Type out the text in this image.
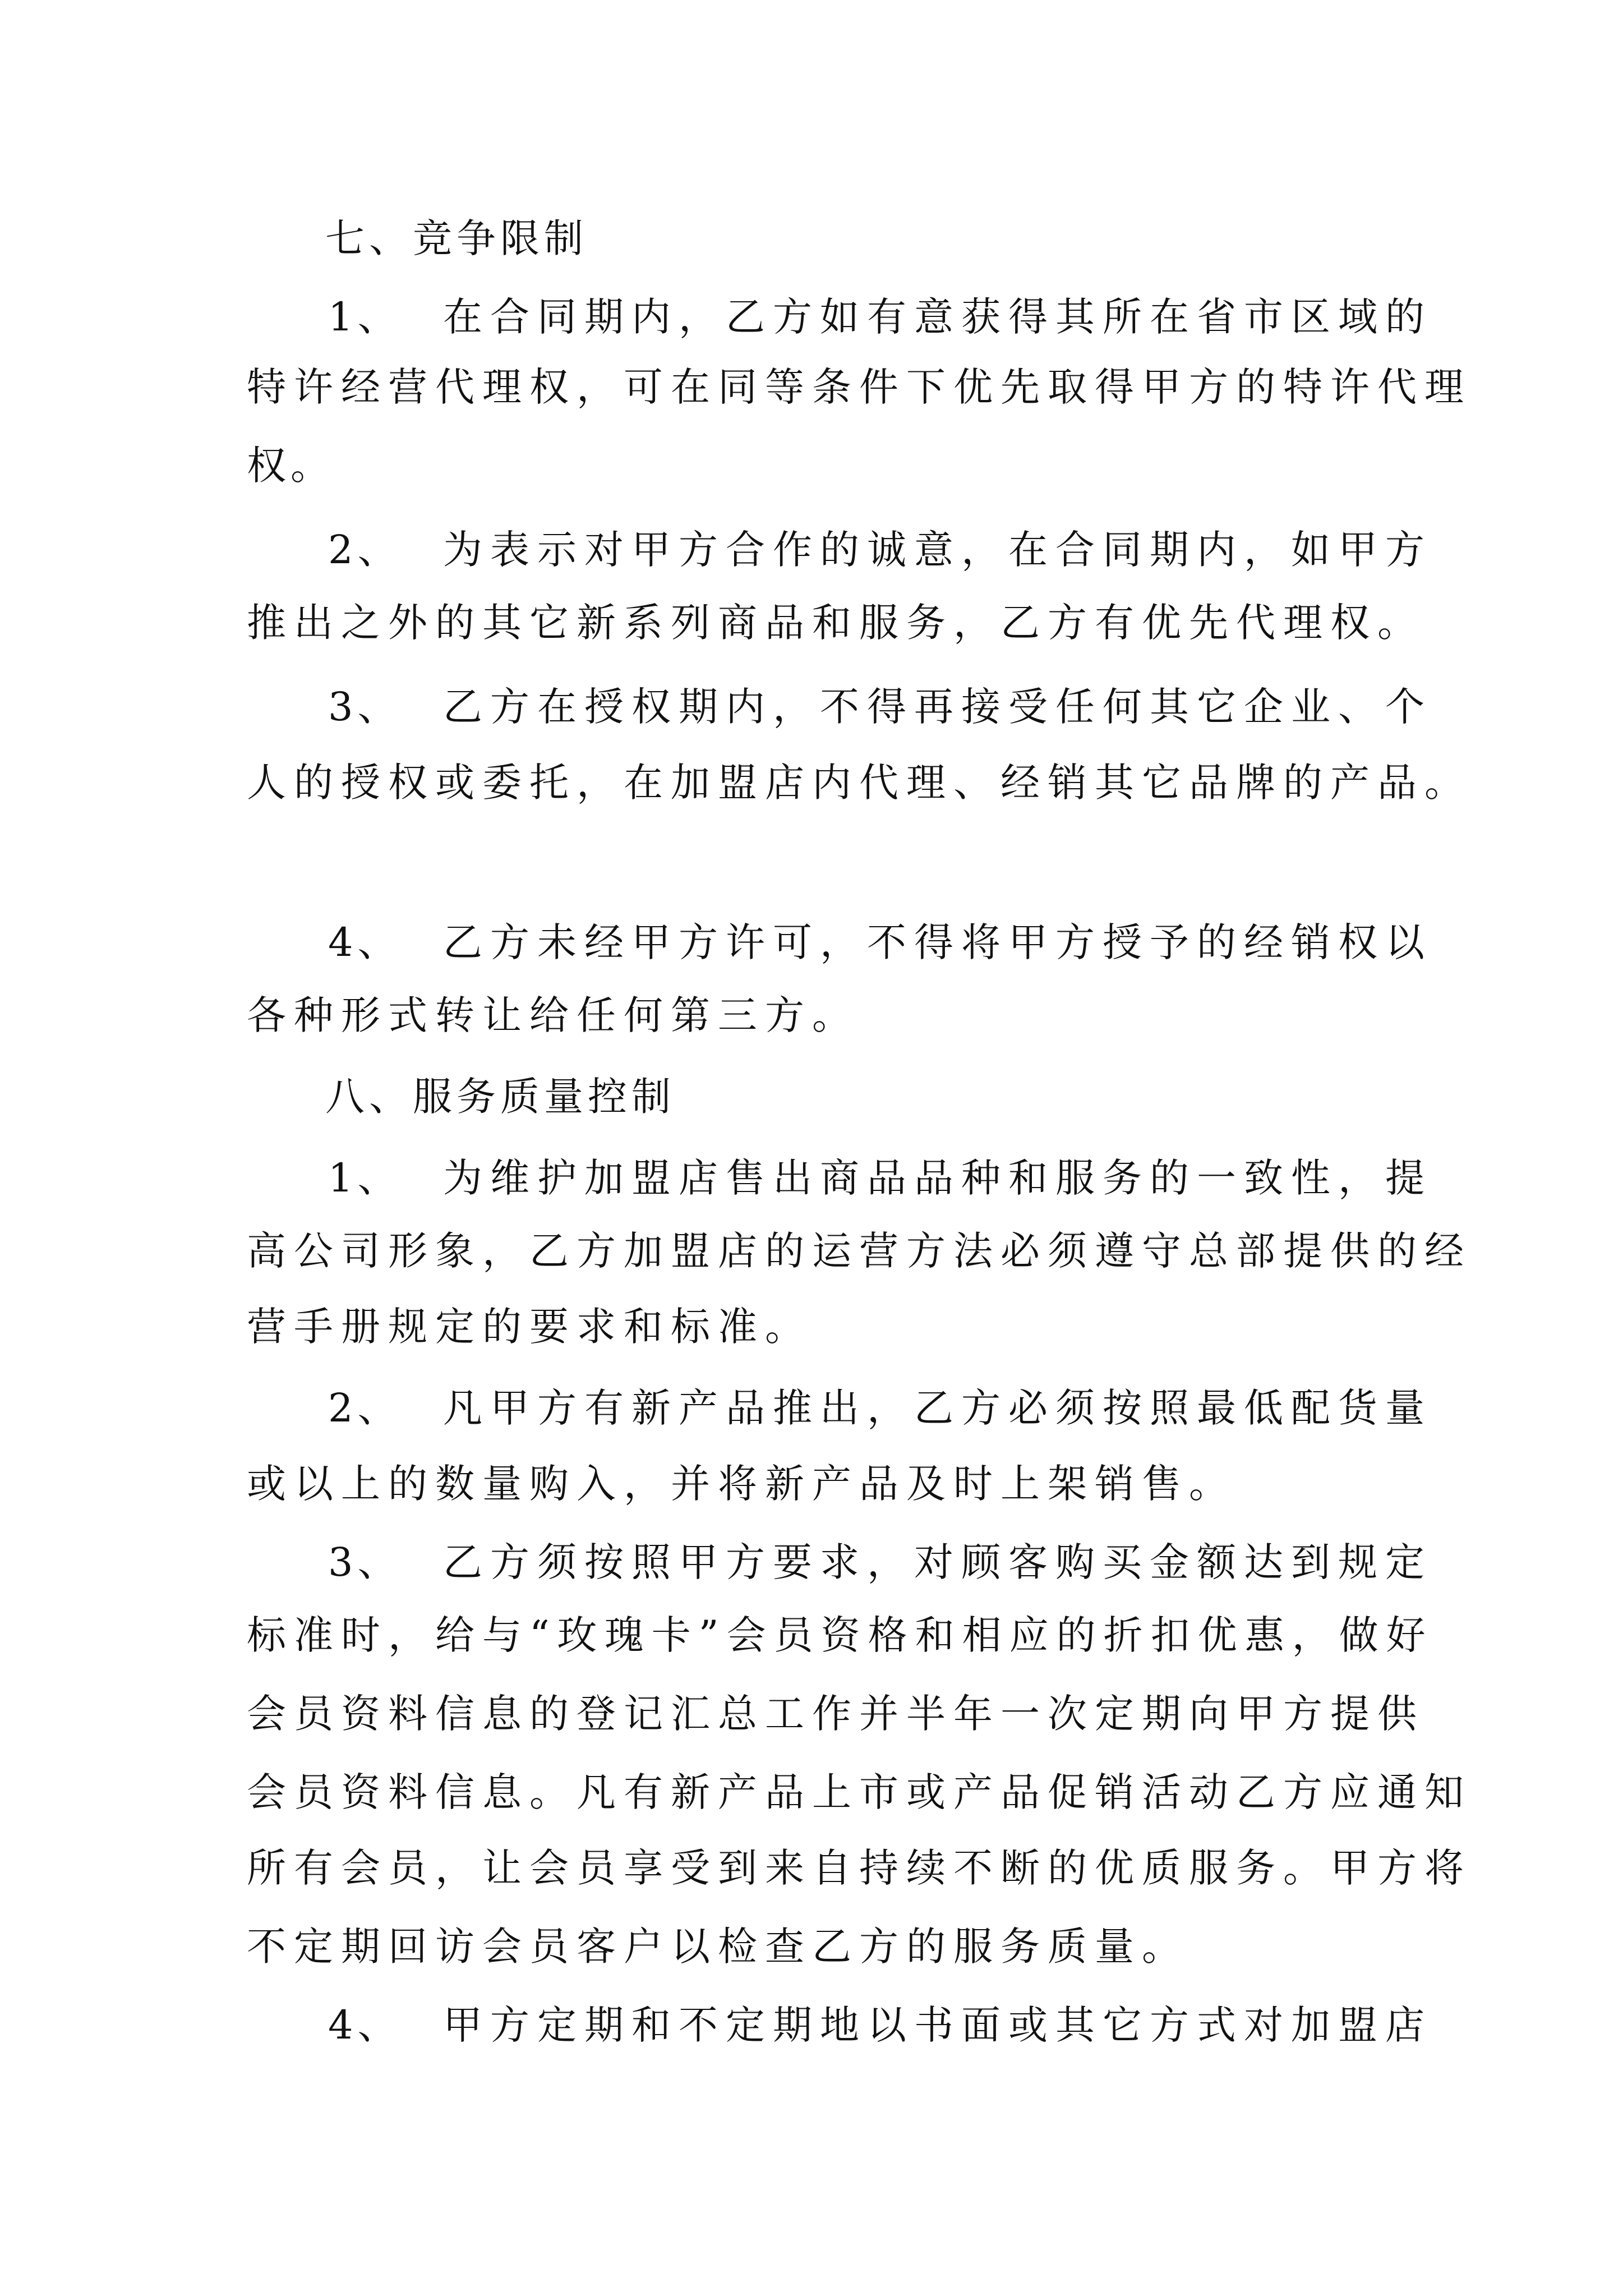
七、竞争限制

1、 在合同期内，乙方如有意获得其所在省市区域的

特许经营代理权，可在同等条件下优先取得甲方的特许代理

权。

2、 为表示对甲方合作的诚意，在合同期内，如甲方

推出之外的其它新系列商品和服务，乙方有优先代理权。

3、 乙方在授权期内，不得再接受任何其它企业、个

人的授权或委托，在加盟店内代理、经销其它品牌的产品。

4、 乙方未经甲方许可，不得将甲方授予的经销权以

各种形式转让给任何第三方。

八、服务质量控制

1、 为维护加盟店售出商品品种和服务的一致性，提

高公司形象，乙方加盟店的运营方法必须遵守总部提供的经

营手册规定的要求和标准。

2、 凡甲方有新产品推出，乙方必须按照最低配货量

或以上的数量购入，并将新产品及时上架销售。

3、 乙方须按照甲方要求，对顾客购买金额达到规定

标准时，给与“玫瑰卡”会员资格和相应的折扣优惠，做好

会员资料信息的登记汇总工作并半年一次定期向甲方提供

会员资料信息。凡有新产品上市或产品促销活动乙方应通知

所有会员，让会员享受到来自持续不断的优质服务。甲方将

不定期回访会员客户以检查乙方的服务质量。

4、 甲方定期和不定期地以书面或其它方式对加盟店
